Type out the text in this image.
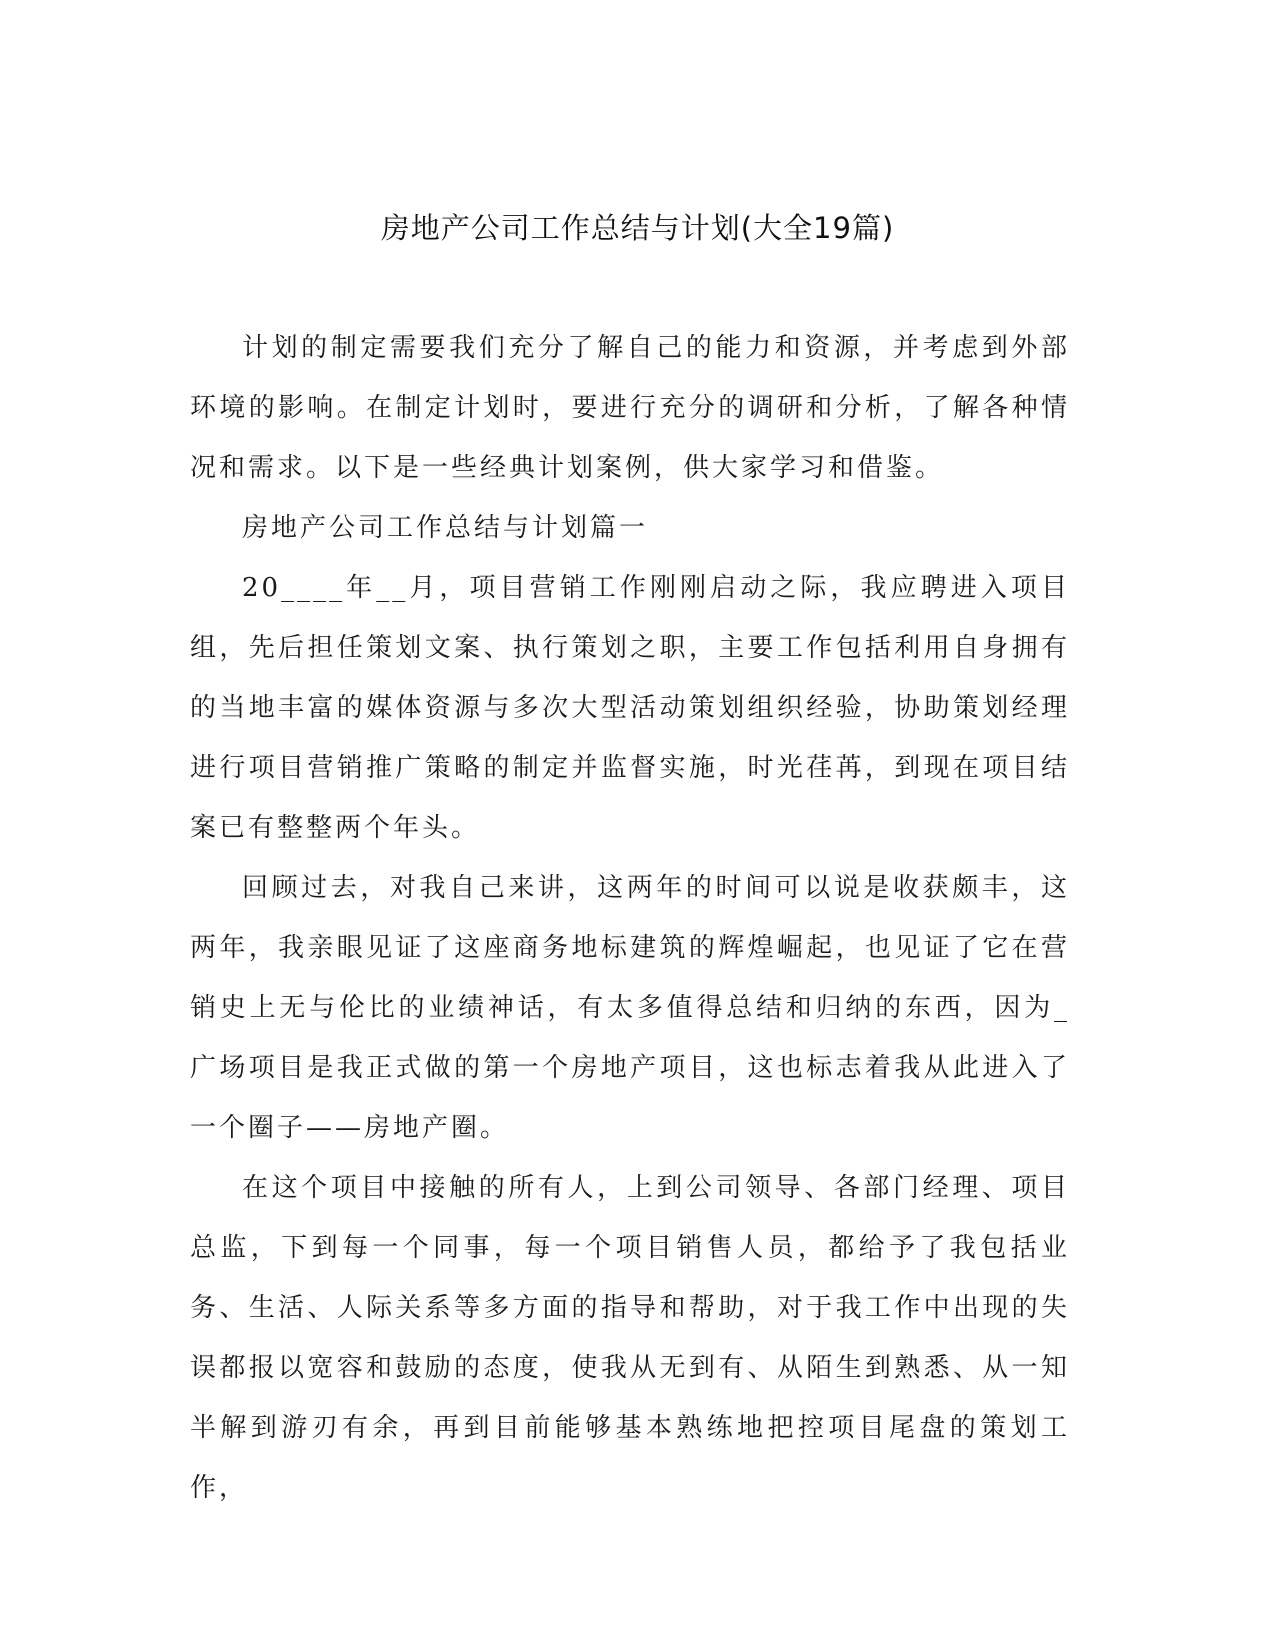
房地产公司工作总结与计划(大全19篇)

计划的制定需要我们充分了解自己的能力和资源，并考虑到外部环境的影响。在制定计划时，要进行充分的调研和分析，了解各种情况和需求。以下是一些经典计划案例，供大家学习和借鉴。

房地产公司工作总结与计划篇一

20____年__月，项目营销工作刚刚启动之际，我应聘进入项目组，先后担任策划文案、执行策划之职，主要工作包括利用自身拥有的当地丰富的媒体资源与多次大型活动策划组织经验，协助策划经理进行项目营销推广策略的制定并监督实施，时光荏苒，到现在项目结案已有整整两个年头。

回顾过去，对我自己来讲，这两年的时间可以说是收获颇丰，这两年，我亲眼见证了这座商务地标建筑的辉煌崛起，也见证了它在营销史上无与伦比的业绩神话，有太多值得总结和归纳的东西，因为_广场项目是我正式做的第一个房地产项目，这也标志着我从此进入了一个圈子——房地产圈。

在这个项目中接触的所有人，上到公司领导、各部门经理、项目总监，下到每一个同事，每一个项目销售人员，都给予了我包括业务、生活、人际关系等多方面的指导和帮助，对于我工作中出现的失误都报以宽容和鼓励的态度，使我从无到有、从陌生到熟悉、从一知半解到游刃有余，再到目前能够基本熟练地把控项目尾盘的策划工作，
